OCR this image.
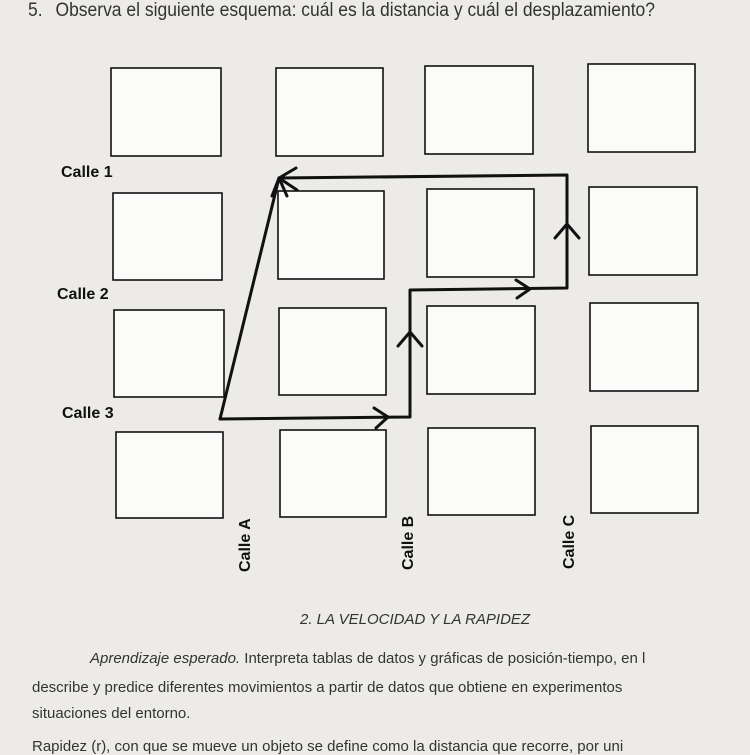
5. Observa el siguiente esquema: cuál es la distancia y cuál el desplazamiento?
Calle 1
Calle 2
Calle 3
Calle A	Calle B	Calle C
2. LA VELOCIDAD Y LA RAPIDEZ
Aprendizaje esperado. Interpreta tablas de datos y gráficas de posición-tiempo, en l
describe y predice diferentes movimientos a partir de datos que obtiene en experimentos
situaciones del entorno.
Rapidez (r), con que se mueve un objeto se define como la distancia que recorre, por uni
